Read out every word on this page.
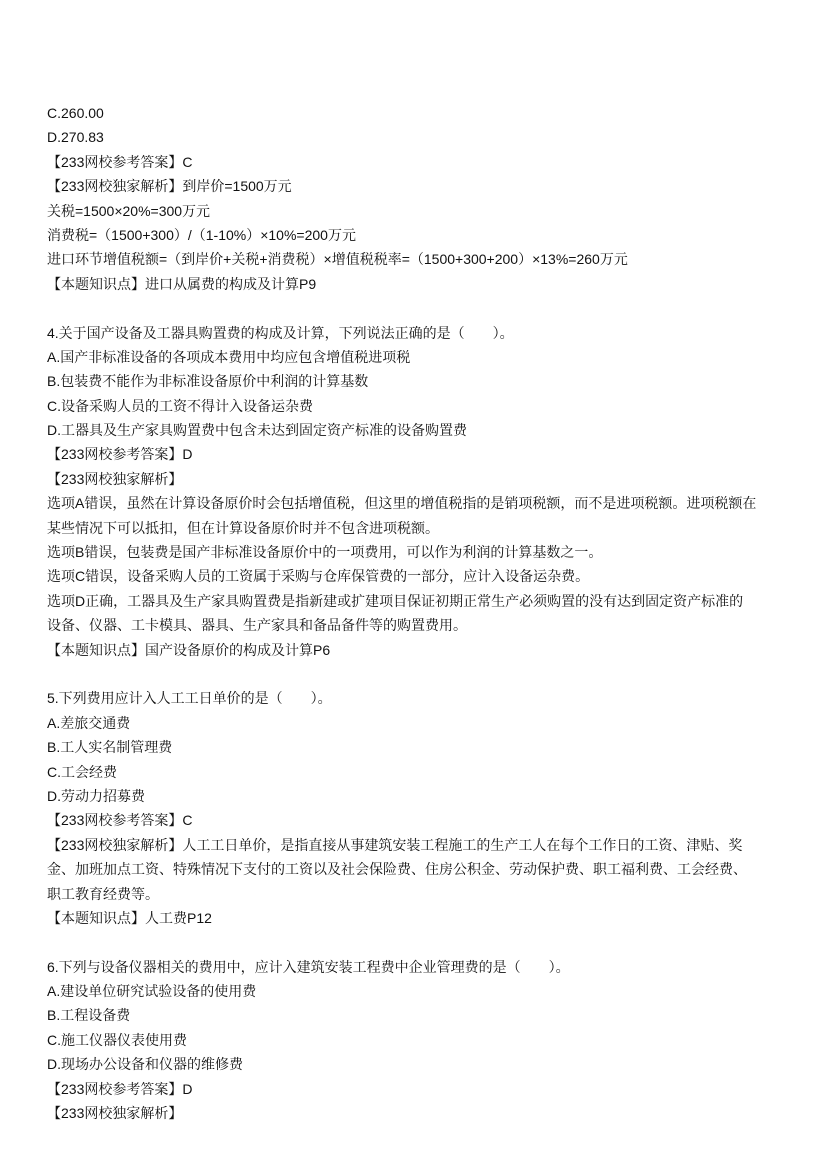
C.260.00
D.270.83
【233网校参考答案】C
【233网校独家解析】到岸价=1500万元
关税=1500×20%=300万元
消费税=（1500+300）/（1-10%）×10%=200万元
进口环节增值税额=（到岸价+关税+消费税）×增值税税率=（1500+300+200）×13%=260万元
【本题知识点】进口从属费的构成及计算P9
4.关于国产设备及工器具购置费的构成及计算，下列说法正确的是（　　）。
A.国产非标准设备的各项成本费用中均应包含增值税进项税
B.包装费不能作为非标准设备原价中利润的计算基数
C.设备采购人员的工资不得计入设备运杂费
D.工器具及生产家具购置费中包含未达到固定资产标准的设备购置费
【233网校参考答案】D
【233网校独家解析】
选项A错误，虽然在计算设备原价时会包括增值税，但这里的增值税指的是销项税额，而不是进项税额。进项税额在
某些情况下可以抵扣，但在计算设备原价时并不包含进项税额。
选项B错误，包装费是国产非标准设备原价中的一项费用，可以作为利润的计算基数之一。
选项C错误，设备采购人员的工资属于采购与仓库保管费的一部分，应计入设备运杂费。
选项D正确，工器具及生产家具购置费是指新建或扩建项目保证初期正常生产必须购置的没有达到固定资产标准的
设备、仪器、工卡模具、器具、生产家具和备品备件等的购置费用。
【本题知识点】国产设备原价的构成及计算P6
5.下列费用应计入人工工日单价的是（　　）。
A.差旅交通费
B.工人实名制管理费
C.工会经费
D.劳动力招募费
【233网校参考答案】C
【233网校独家解析】人工工日单价，是指直接从事建筑安装工程施工的生产工人在每个工作日的工资、津贴、奖
金、加班加点工资、特殊情况下支付的工资以及社会保险费、住房公积金、劳动保护费、职工福利费、工会经费、
职工教育经费等。
【本题知识点】人工费P12
6.下列与设备仪器相关的费用中，应计入建筑安装工程费中企业管理费的是（　　）。
A.建设单位研究试验设备的使用费
B.工程设备费
C.施工仪器仪表使用费
D.现场办公设备和仪器的维修费
【233网校参考答案】D
【233网校独家解析】
